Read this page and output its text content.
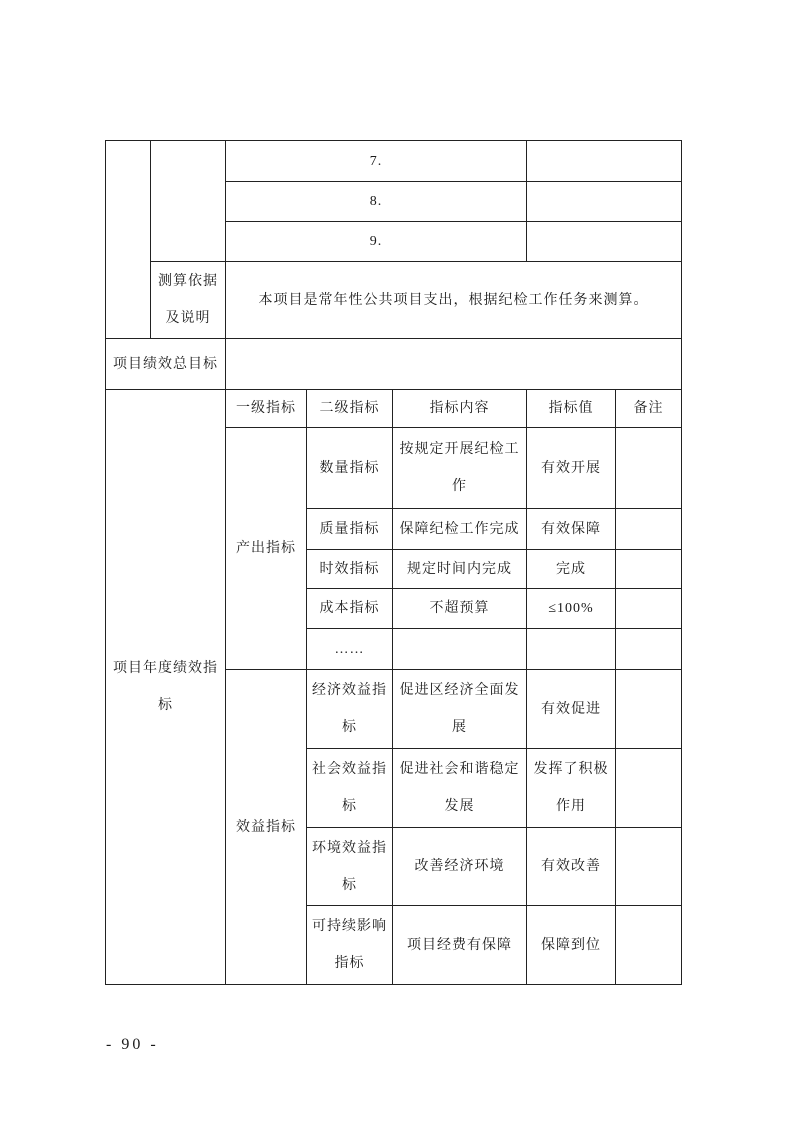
		7.				
		8.				
		9.				
	测算依据及说明	本项目是常年性公共项目支出，根据纪检工作任务来测算。				
项目绩效总目标						
项目年度绩效指标		一级指标	二级指标	指标内容	指标值	备注
		产出指标	数量指标	按规定开展纪检工作	有效开展	
			质量指标	保障纪检工作完成	有效保障	
			时效指标	规定时间内完成	完成	
			成本指标	不超预算	≤100%	
			……			
		效益指标	经济效益指标	促进区经济全面发展	有效促进	
			社会效益指标	促进社会和谐稳定发展	发挥了积极作用	
			环境效益指标	改善经济环境	有效改善	
			可持续影响指标	项目经费有保障	保障到位	
- 90 -
